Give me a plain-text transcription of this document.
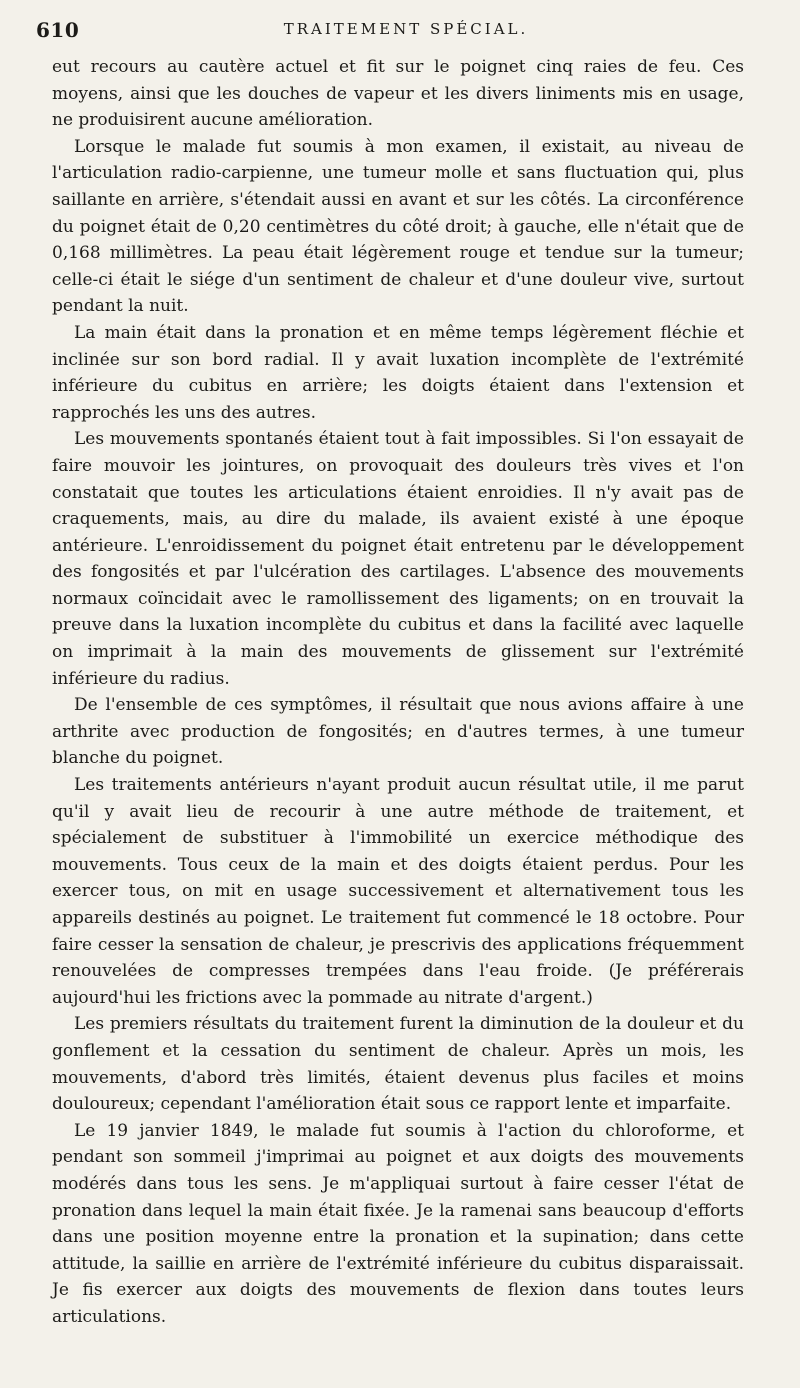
610	TRAITEMENT SPÉCIAL.

eut recours au cautère actuel et fit sur le poignet cinq raies de feu. Ces moyens, ainsi que les douches de vapeur et les divers liniments mis en usage, ne produisirent aucune amélioration.

Lorsque le malade fut soumis à mon examen, il existait, au niveau de l'articulation radio-carpienne, une tumeur molle et sans fluctuation qui, plus saillante en arrière, s'étendait aussi en avant et sur les côtés. La circonférence du poignet était de 0,20 centimètres du côté droit; à gauche, elle n'était que de 0,168 millimètres. La peau était légèrement rouge et tendue sur la tumeur; celle-ci était le siége d'un sentiment de chaleur et d'une douleur vive, surtout pendant la nuit.

La main était dans la pronation et en même temps légèrement fléchie et inclinée sur son bord radial. Il y avait luxation incomplète de l'extrémité inférieure du cubitus en arrière; les doigts étaient dans l'extension et rapprochés les uns des autres.

Les mouvements spontanés étaient tout à fait impossibles. Si l'on essayait de faire mouvoir les jointures, on provoquait des douleurs très vives et l'on constatait que toutes les articulations étaient enroidies. Il n'y avait pas de craquements, mais, au dire du malade, ils avaient existé à une époque antérieure. L'enroidissement du poignet était entretenu par le développement des fongosités et par l'ulcération des cartilages. L'absence des mouvements normaux coïncidait avec le ramollissement des ligaments; on en trouvait la preuve dans la luxation incomplète du cubitus et dans la facilité avec laquelle on imprimait à la main des mouvements de glissement sur l'extrémité inférieure du radius.

De l'ensemble de ces symptômes, il résultait que nous avions affaire à une arthrite avec production de fongosités; en d'autres termes, à une tumeur blanche du poignet.

Les traitements antérieurs n'ayant produit aucun résultat utile, il me parut qu'il y avait lieu de recourir à une autre méthode de traitement, et spécialement de substituer à l'immobilité un exercice méthodique des mouvements. Tous ceux de la main et des doigts étaient perdus. Pour les exercer tous, on mit en usage successivement et alternativement tous les appareils destinés au poignet. Le traitement fut commencé le 18 octobre. Pour faire cesser la sensation de chaleur, je prescrivis des applications fréquemment renouvelées de compresses trempées dans l'eau froide. (Je préférerais aujourd'hui les frictions avec la pommade au nitrate d'argent.)

Les premiers résultats du traitement furent la diminution de la douleur et du gonflement et la cessation du sentiment de chaleur. Après un mois, les mouvements, d'abord très limités, étaient devenus plus faciles et moins douloureux; cependant l'amélioration était sous ce rapport lente et imparfaite.

Le 19 janvier 1849, le malade fut soumis à l'action du chloroforme, et pendant son sommeil j'imprimai au poignet et aux doigts des mouvements modérés dans tous les sens. Je m'appliquai surtout à faire cesser l'état de pronation dans lequel la main était fixée. Je la ramenai sans beaucoup d'efforts dans une position moyenne entre la pronation et la supination; dans cette attitude, la saillie en arrière de l'extrémité inférieure du cubitus disparaissait. Je fis exercer aux doigts des mouvements de flexion dans toutes leurs articulations.
